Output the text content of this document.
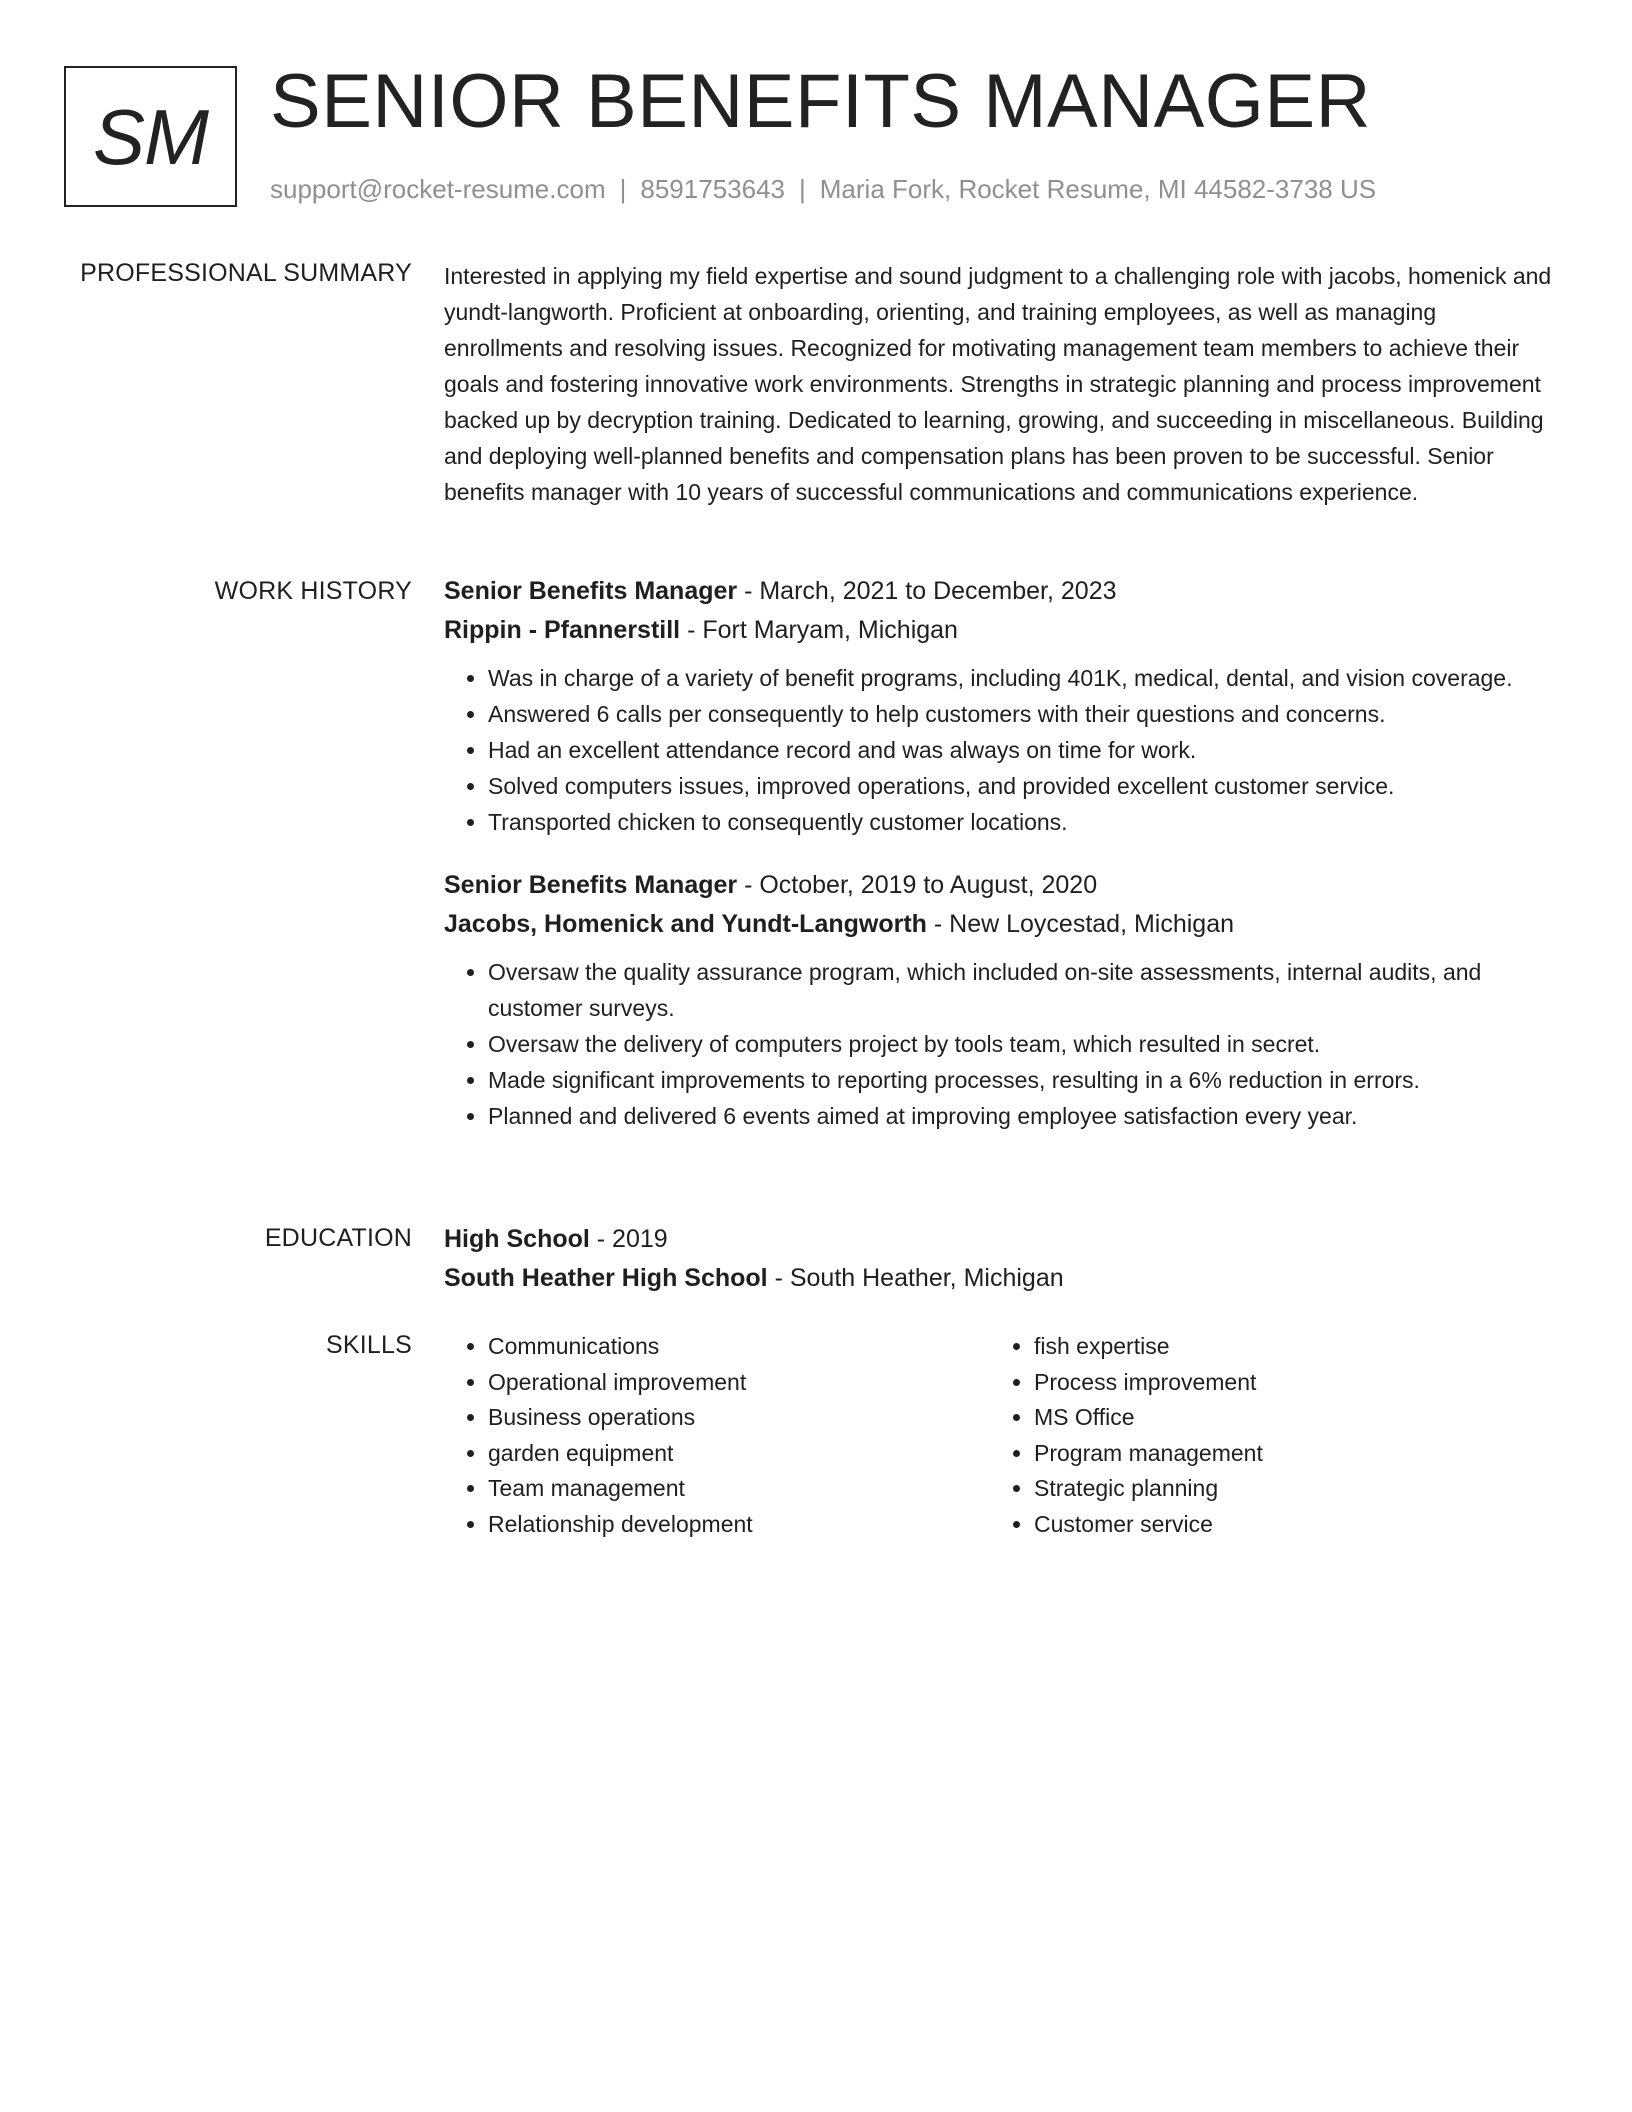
SM SENIOR BENEFITS MANAGER
support@rocket-resume.com | 8591753643 | Maria Fork, Rocket Resume, MI 44582-3738 US
PROFESSIONAL SUMMARY Interested in applying my field expertise and sound judgment to a challenging role with jacobs, homenick and yundt-langworth. Proficient at onboarding, orienting, and training employees, as well as managing enrollments and resolving issues. Recognized for motivating management team members to achieve their goals and fostering innovative work environments. Strengths in strategic planning and process improvement backed up by decryption training. Dedicated to learning, growing, and succeeding in miscellaneous. Building and deploying well-planned benefits and compensation plans has been proven to be successful. Senior benefits manager with 10 years of successful communications and communications experience.

WORK HISTORY Senior Benefits Manager - March, 2021 to December, 2023
Rippin - Pfannerstill - Fort Maryam, Michigan
• Was in charge of a variety of benefit programs, including 401K, medical, dental, and vision coverage.
• Answered 6 calls per consequently to help customers with their questions and concerns.
• Had an excellent attendance record and was always on time for work.
• Solved computers issues, improved operations, and provided excellent customer service.
• Transported chicken to consequently customer locations.
Senior Benefits Manager - October, 2019 to August, 2020
Jacobs, Homenick and Yundt-Langworth - New Loycestad, Michigan
• Oversaw the quality assurance program, which included on-site assessments, internal audits, and customer surveys.
• Oversaw the delivery of computers project by tools team, which resulted in secret.
• Made significant improvements to reporting processes, resulting in a 6% reduction in errors.
• Planned and delivered 6 events aimed at improving employee satisfaction every year.
EDUCATION High School - 2019
South Heather High School - South Heather, Michigan
SKILLS
•	Communications
• Operational improvement
• Business operations
• garden equipment
• Team management
• Relationship development
• fish expertise
• Process improvement
• MS Office
• Program management
• Strategic planning
• Customer service
